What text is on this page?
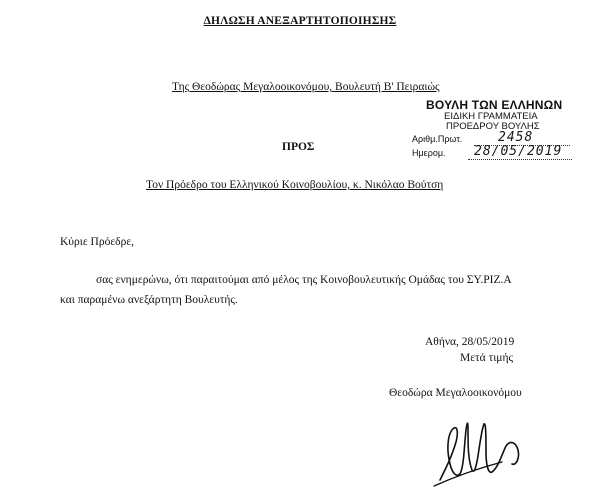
ΔΗΛΩΣΗ ΑΝΕΞΑΡΤΗΤΟΠΟΙΗΣΗΣ
Της Θεοδώρας Μεγαλοοικονόμου, Βουλευτή Β' Πειραιώς
ΒΟΥΛΗ ΤΩΝ ΕΛΛΗΝΩΝ
ΕΙΔΙΚΗ ΓΡΑΜΜΑΤΕΙΑ
ΠΡΟΕΔΡΟΥ ΒΟΥΛΗΣ
Αριθμ.Πρωτ.	2458
Ημερομ. 28/05/2019
ΠΡΟΣ
Τον Πρόεδρο του Ελληνικού Κοινοβουλίου, κ. Νικόλαο Βούτση
Κύριε Πρόεδρε,
σας ενημερώνω, ότι παραιτούμαι από μέλος της Κοινοβουλευτικής Ομάδας του ΣΥ.ΡΙΖ.Α
και παραμένω ανεξάρτητη Βουλευτής.
Αθήνα, 28/05/2019
Μετά τιμής
Θεοδώρα Μεγαλοοικονόμου
